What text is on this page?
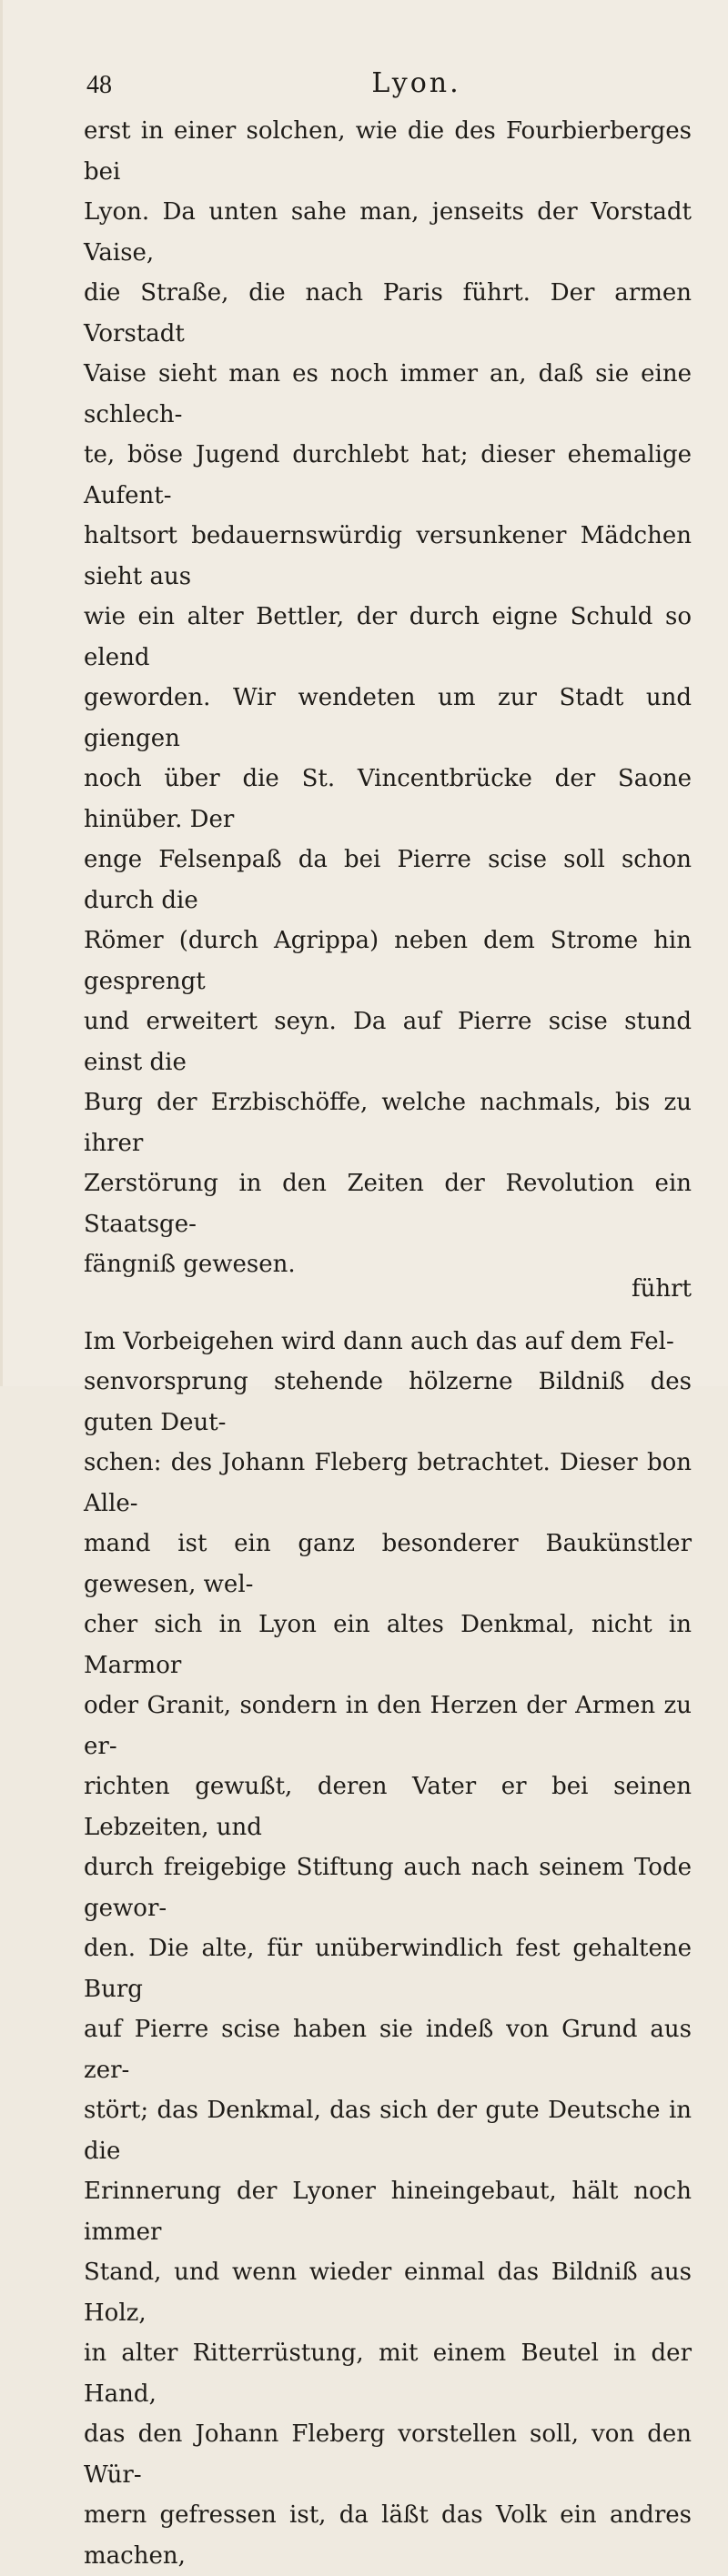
48	Lyon.

erst in einer solchen, wie die des Fourbierberges bei
Lyon. Da unten sahe man, jenseits der Vorstadt Vaise,
die Straße, die nach Paris führt. Der armen Vorstadt
Vaise sieht man es noch immer an, daß sie eine schlech-
te, böse Jugend durchlebt hat; dieser ehemalige Aufent-
haltsort bedauernswürdig versunkener Mädchen sieht aus
wie ein alter Bettler, der durch eigne Schuld so elend
geworden. Wir wendeten um zur Stadt und giengen
noch über die St. Vincentbrücke der Saone hinüber. Der
enge Felsenpaß da bei Pierre scise soll schon durch die
Römer (durch Agrippa) neben dem Strome hin gesprengt
und erweitert seyn. Da auf Pierre scise stund einst die
Burg der Erzbischöffe, welche nachmals, bis zu ihrer
Zerstörung in den Zeiten der Revolution ein Staatsge-
fängniß gewesen.

Im Vorbeigehen wird dann auch das auf dem Fel-
senvorsprung stehende hölzerne Bildniß des guten Deut-
schen: des Johann Fleberg betrachtet. Dieser bon Alle-
mand ist ein ganz besonderer Baukünstler gewesen, wel-
cher sich in Lyon ein altes Denkmal, nicht in Marmor
oder Granit, sondern in den Herzen der Armen zu er-
richten gewußt, deren Vater er bei seinen Lebzeiten, und
durch freigebige Stiftung auch nach seinem Tode gewor-
den. Die alte, für unüberwindlich fest gehaltene Burg
auf Pierre scise haben sie indeß von Grund aus zer-
stört; das Denkmal, das sich der gute Deutsche in die
Erinnerung der Lyoner hineingebaut, hält noch immer
Stand, und wenn wieder einmal das Bildniß aus Holz,
in alter Ritterrüstung, mit einem Beutel in der Hand,
das den Johann Fleberg vorstellen soll, von den Wür-
mern gefressen ist, da läßt das Volk ein andres machen,

führt
